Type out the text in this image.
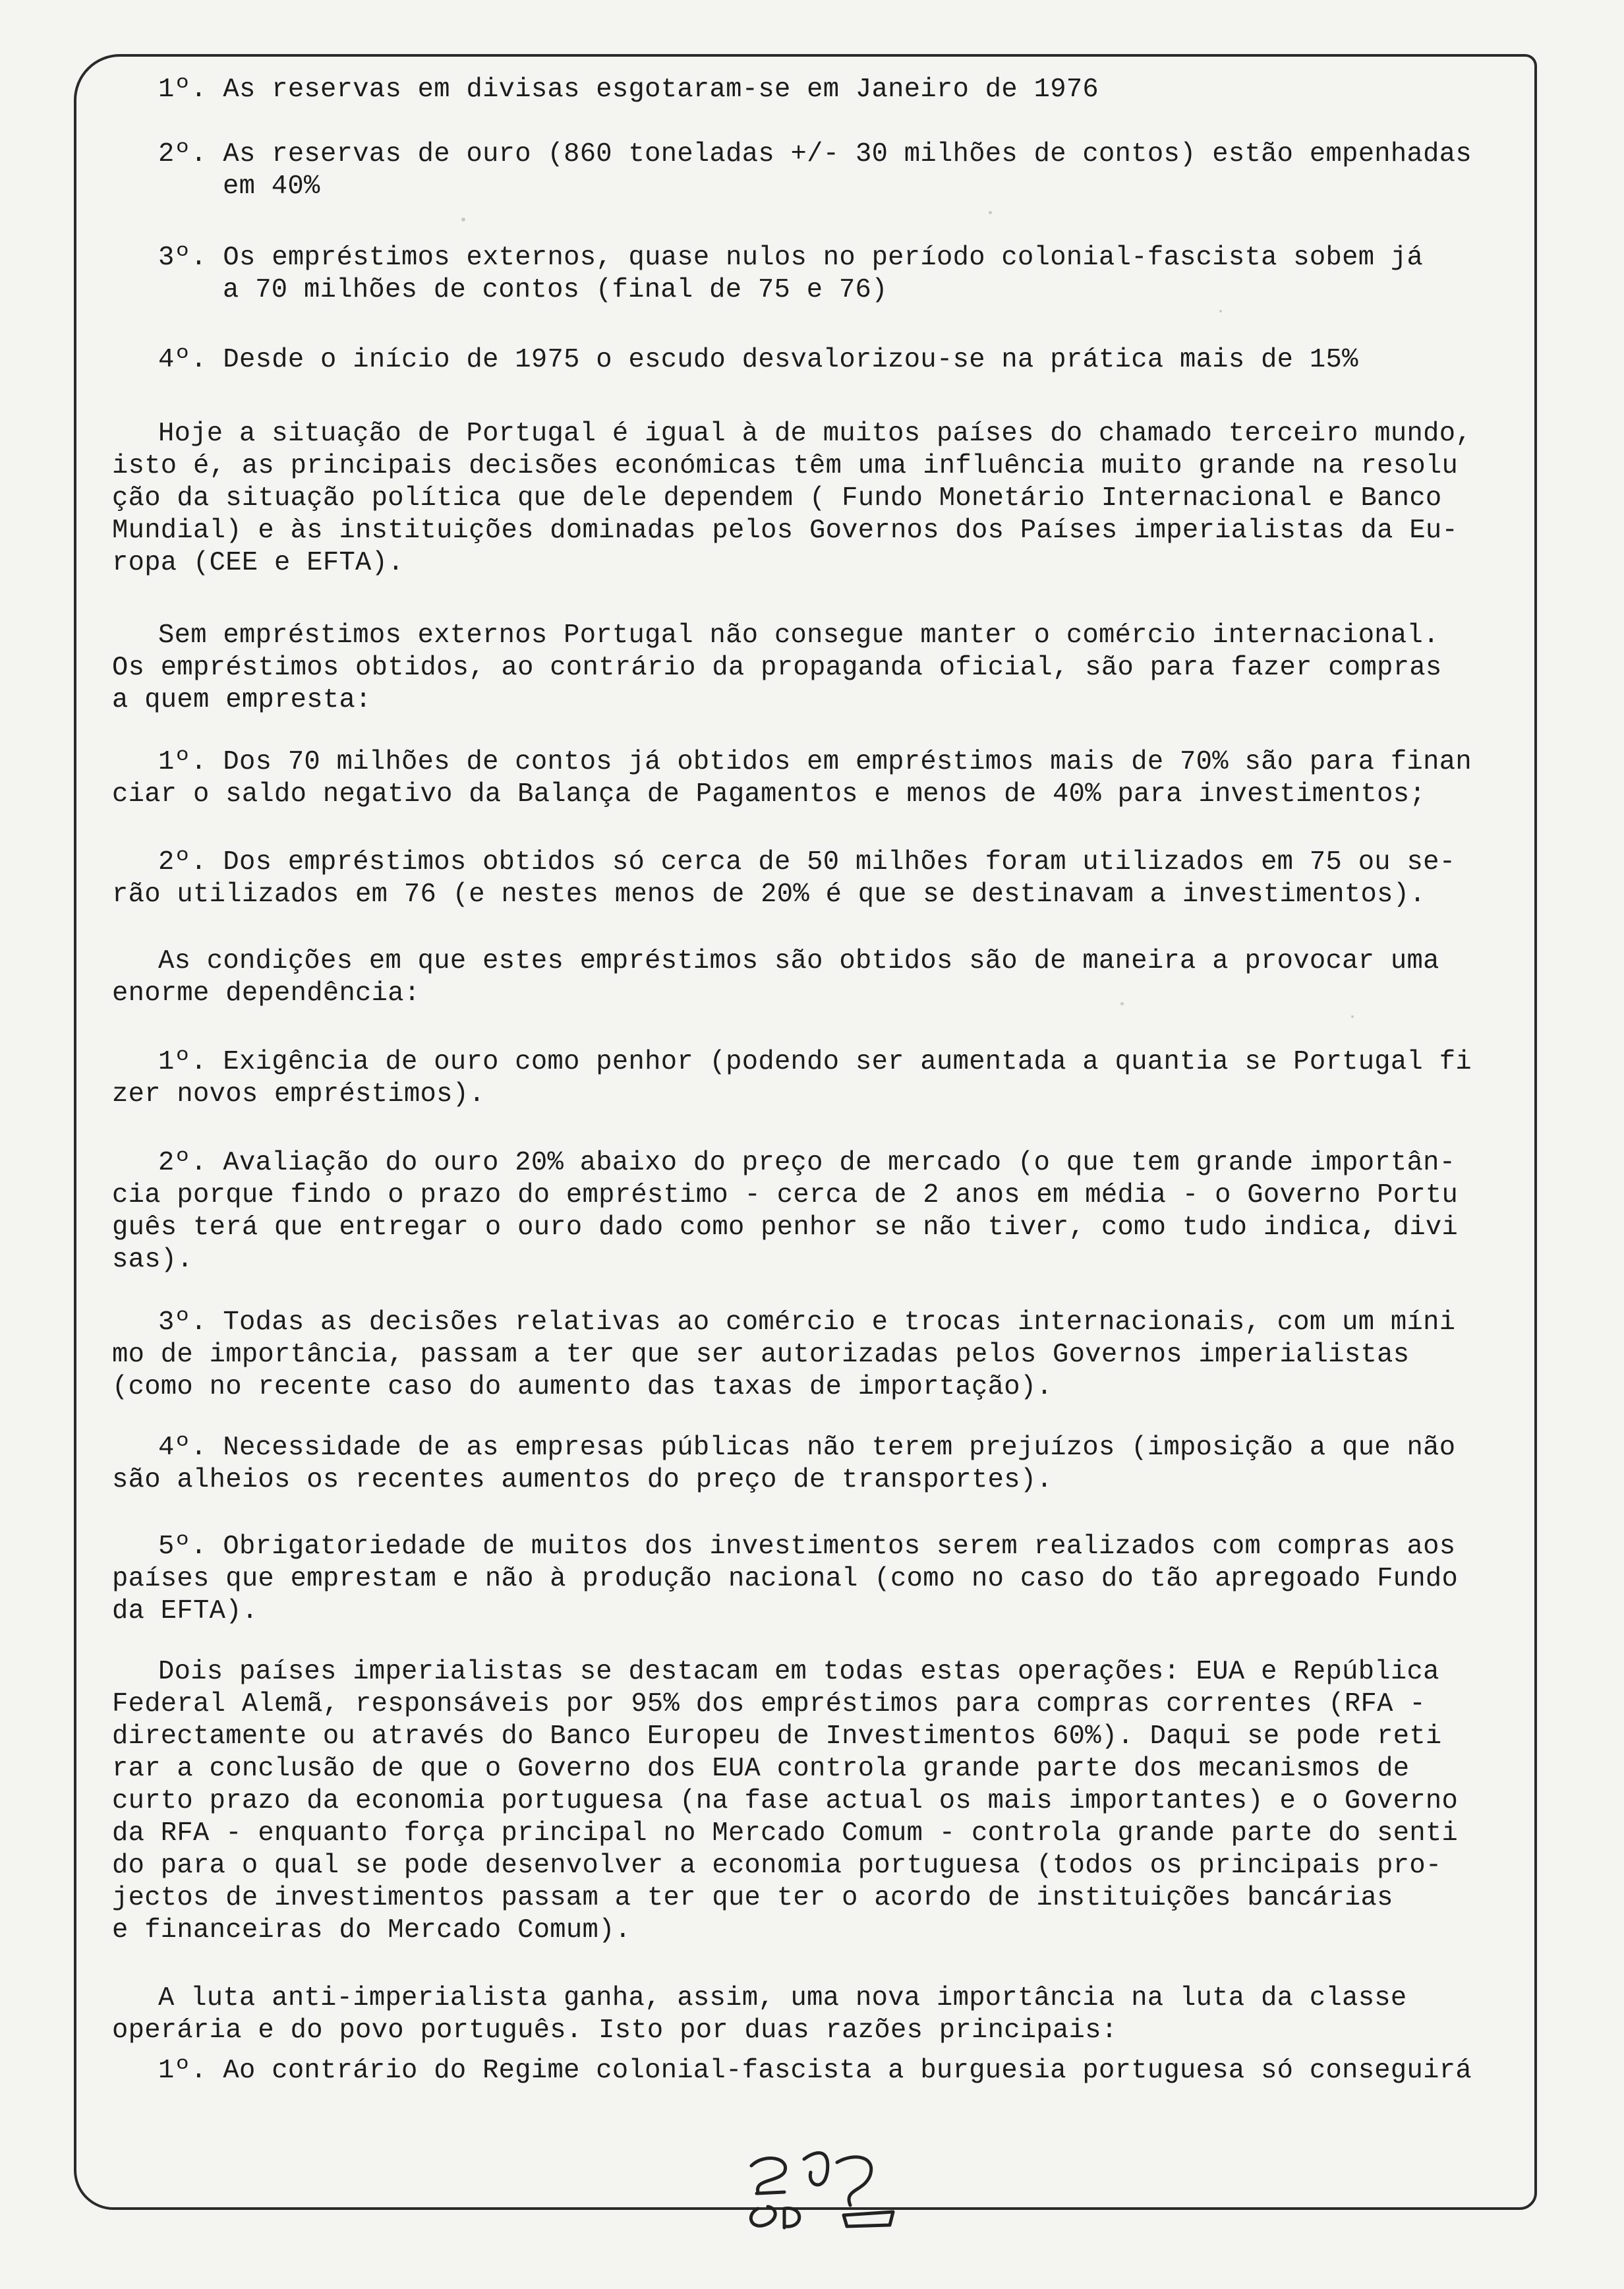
1º. As reservas em divisas esgotaram-se em Janeiro de 1976
2º. As reservas de ouro (860 toneladas +/- 30 milhões de contos) estão empenhadas
em 40%
3º. Os empréstimos externos, quase nulos no período colonial-fascista sobem já
a 70 milhões de contos (final de 75 e 76)
4º. Desde o início de 1975 o escudo desvalorizou-se na prática mais de 15%
Hoje a situação de Portugal é igual à de muitos países do chamado terceiro mundo,
isto é, as principais decisões económicas têm uma influência muito grande na resolu
ção da situação política que dele dependem ( Fundo Monetário Internacional e Banco
Mundial) e às instituições dominadas pelos Governos dos Países imperialistas da Eu-
ropa (CEE e EFTA).
Sem empréstimos externos Portugal não consegue manter o comércio internacional.
Os empréstimos obtidos, ao contrário da propaganda oficial, são para fazer compras
a quem empresta:
1º. Dos 70 milhões de contos já obtidos em empréstimos mais de 70% são para finan
ciar o saldo negativo da Balança de Pagamentos e menos de 40% para investimentos;
2º. Dos empréstimos obtidos só cerca de 50 milhões foram utilizados em 75 ou se-
rão utilizados em 76 (e nestes menos de 20% é que se destinavam a investimentos).
As condições em que estes empréstimos são obtidos são de maneira a provocar uma
enorme dependência:
1º. Exigência de ouro como penhor (podendo ser aumentada a quantia se Portugal fi
zer novos empréstimos).
2º. Avaliação do ouro 20% abaixo do preço de mercado (o que tem grande importân-
cia porque findo o prazo do empréstimo - cerca de 2 anos em média - o Governo Portu
guês terá que entregar o ouro dado como penhor se não tiver, como tudo indica, divi
sas).
3º. Todas as decisões relativas ao comércio e trocas internacionais, com um míni
mo de importância, passam a ter que ser autorizadas pelos Governos imperialistas
(como no recente caso do aumento das taxas de importação).
4º. Necessidade de as empresas públicas não terem prejuízos (imposição a que não
são alheios os recentes aumentos do preço de transportes).
5º. Obrigatoriedade de muitos dos investimentos serem realizados com compras aos
países que emprestam e não à produção nacional (como no caso do tão apregoado Fundo
da EFTA).
Dois países imperialistas se destacam em todas estas operações: EUA e República
Federal Alemã, responsáveis por 95% dos empréstimos para compras correntes (RFA -
directamente ou através do Banco Europeu de Investimentos 60%). Daqui se pode reti
rar a conclusão de que o Governo dos EUA controla grande parte dos mecanismos de
curto prazo da economia portuguesa (na fase actual os mais importantes) e o Governo
da RFA - enquanto força principal no Mercado Comum - controla grande parte do senti
do para o qual se pode desenvolver a economia portuguesa (todos os principais pro-
jectos de investimentos passam a ter que ter o acordo de instituições bancárias
e financeiras do Mercado Comum).
A luta anti-imperialista ganha, assim, uma nova importância na luta da classe
operária e do povo português. Isto por duas razões principais:
1º. Ao contrário do Regime colonial-fascista a burguesia portuguesa só conseguirá
